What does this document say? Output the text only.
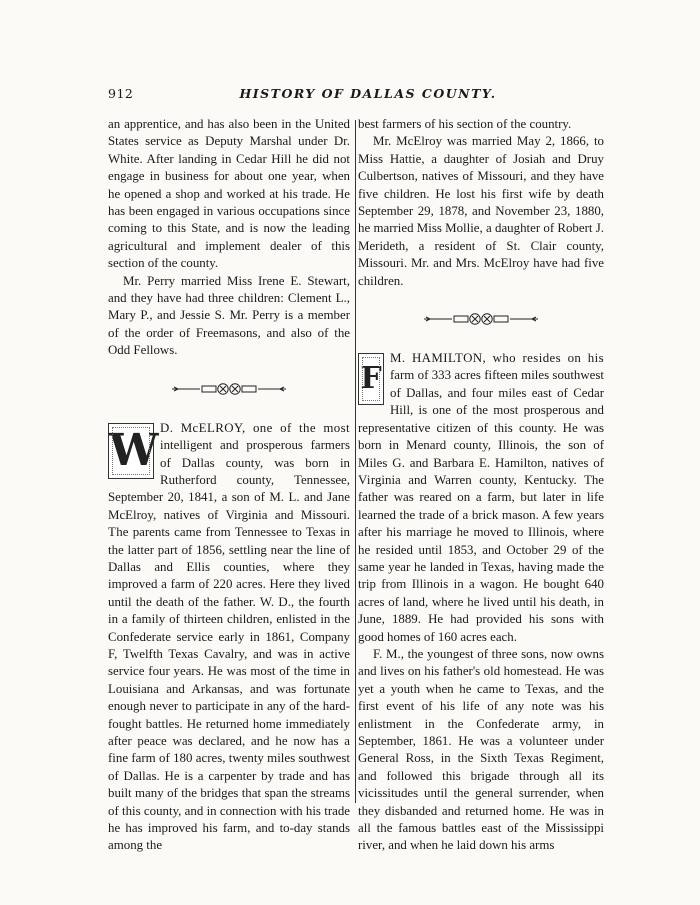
912	HISTORY OF DALLAS COUNTY.

an apprentice, and has also been in the United States service as Deputy Marshal under Dr. White. After landing in Cedar Hill he did not engage in business for about one year, when he opened a shop and worked at his trade. He has been engaged in various occupations since coming to this State, and is now the leading agricultural and implement dealer of this section of the county.

Mr. Perry married Miss Irene E. Stewart, and they have had three children: Clement L., Mary P., and Jessie S. Mr. Perry is a member of the order of Freemasons, and also of the Odd Fellows.

W D. McELROY, one of the most intelligent and prosperous farmers of Dallas county, was born in Rutherford county, Tennessee, September 20, 1841, a son of M. L. and Jane McElroy, natives of Virginia and Missouri. The parents came from Tennessee to Texas in the latter part of 1856, settling near the line of Dallas and Ellis counties, where they improved a farm of 220 acres. Here they lived until the death of the father. W. D., the fourth in a family of thirteen children, enlisted in the Confederate service early in 1861, Company F, Twelfth Texas Cavalry, and was in active service four years. He was most of the time in Louisiana and Arkansas, and was fortunate enough never to participate in any of the hard-fought battles. He returned home immediately after peace was declared, and he now has a fine farm of 180 acres, twenty miles southwest of Dallas. He is a carpenter by trade and has built many of the bridges that span the streams of this county, and in connection with his trade he has improved his farm, and to-day stands among the

best farmers of his section of the country.

Mr. McElroy was married May 2, 1866, to Miss Hattie, a daughter of Josiah and Druy Culbertson, natives of Missouri, and they have five children. He lost his first wife by death September 29, 1878, and November 23, 1880, he married Miss Mollie, a daughter of Robert J. Merideth, a resident of St. Clair county, Missouri. Mr. and Mrs. McElroy have had five children.

F
M. HAMILTON, who resides on his farm of 333 acres fifteen miles southwest of Dallas, and four miles east of Cedar Hill, is one of the most prosperous and representative citizen of this county. He was born in Menard county, Illinois, the son of Miles G. and Barbara E. Hamilton, natives of Virginia and Warren county, Kentucky. The father was reared on a farm, but later in life learned the trade of a brick mason. A few years after his marriage he moved to Illinois, where he resided until 1853, and October 29 of the same year he landed in Texas, having made the trip from Illinois in a wagon. He bought 640 acres of land, where he lived until his death, in June, 1889. He had provided his sons with good homes of 160 acres each.

F. M., the youngest of three sons, now owns and lives on his father's old homestead. He was yet a youth when he came to Texas, and the first event of his life of any note was his enlistment in the Confederate army, in September, 1861. He was a volunteer under General Ross, in the Sixth Texas Regiment, and followed this brigade through all its vicissitudes until the general surrender, when they disbanded and returned home. He was in all the famous battles east of the Mississippi river, and when he laid down his arms
